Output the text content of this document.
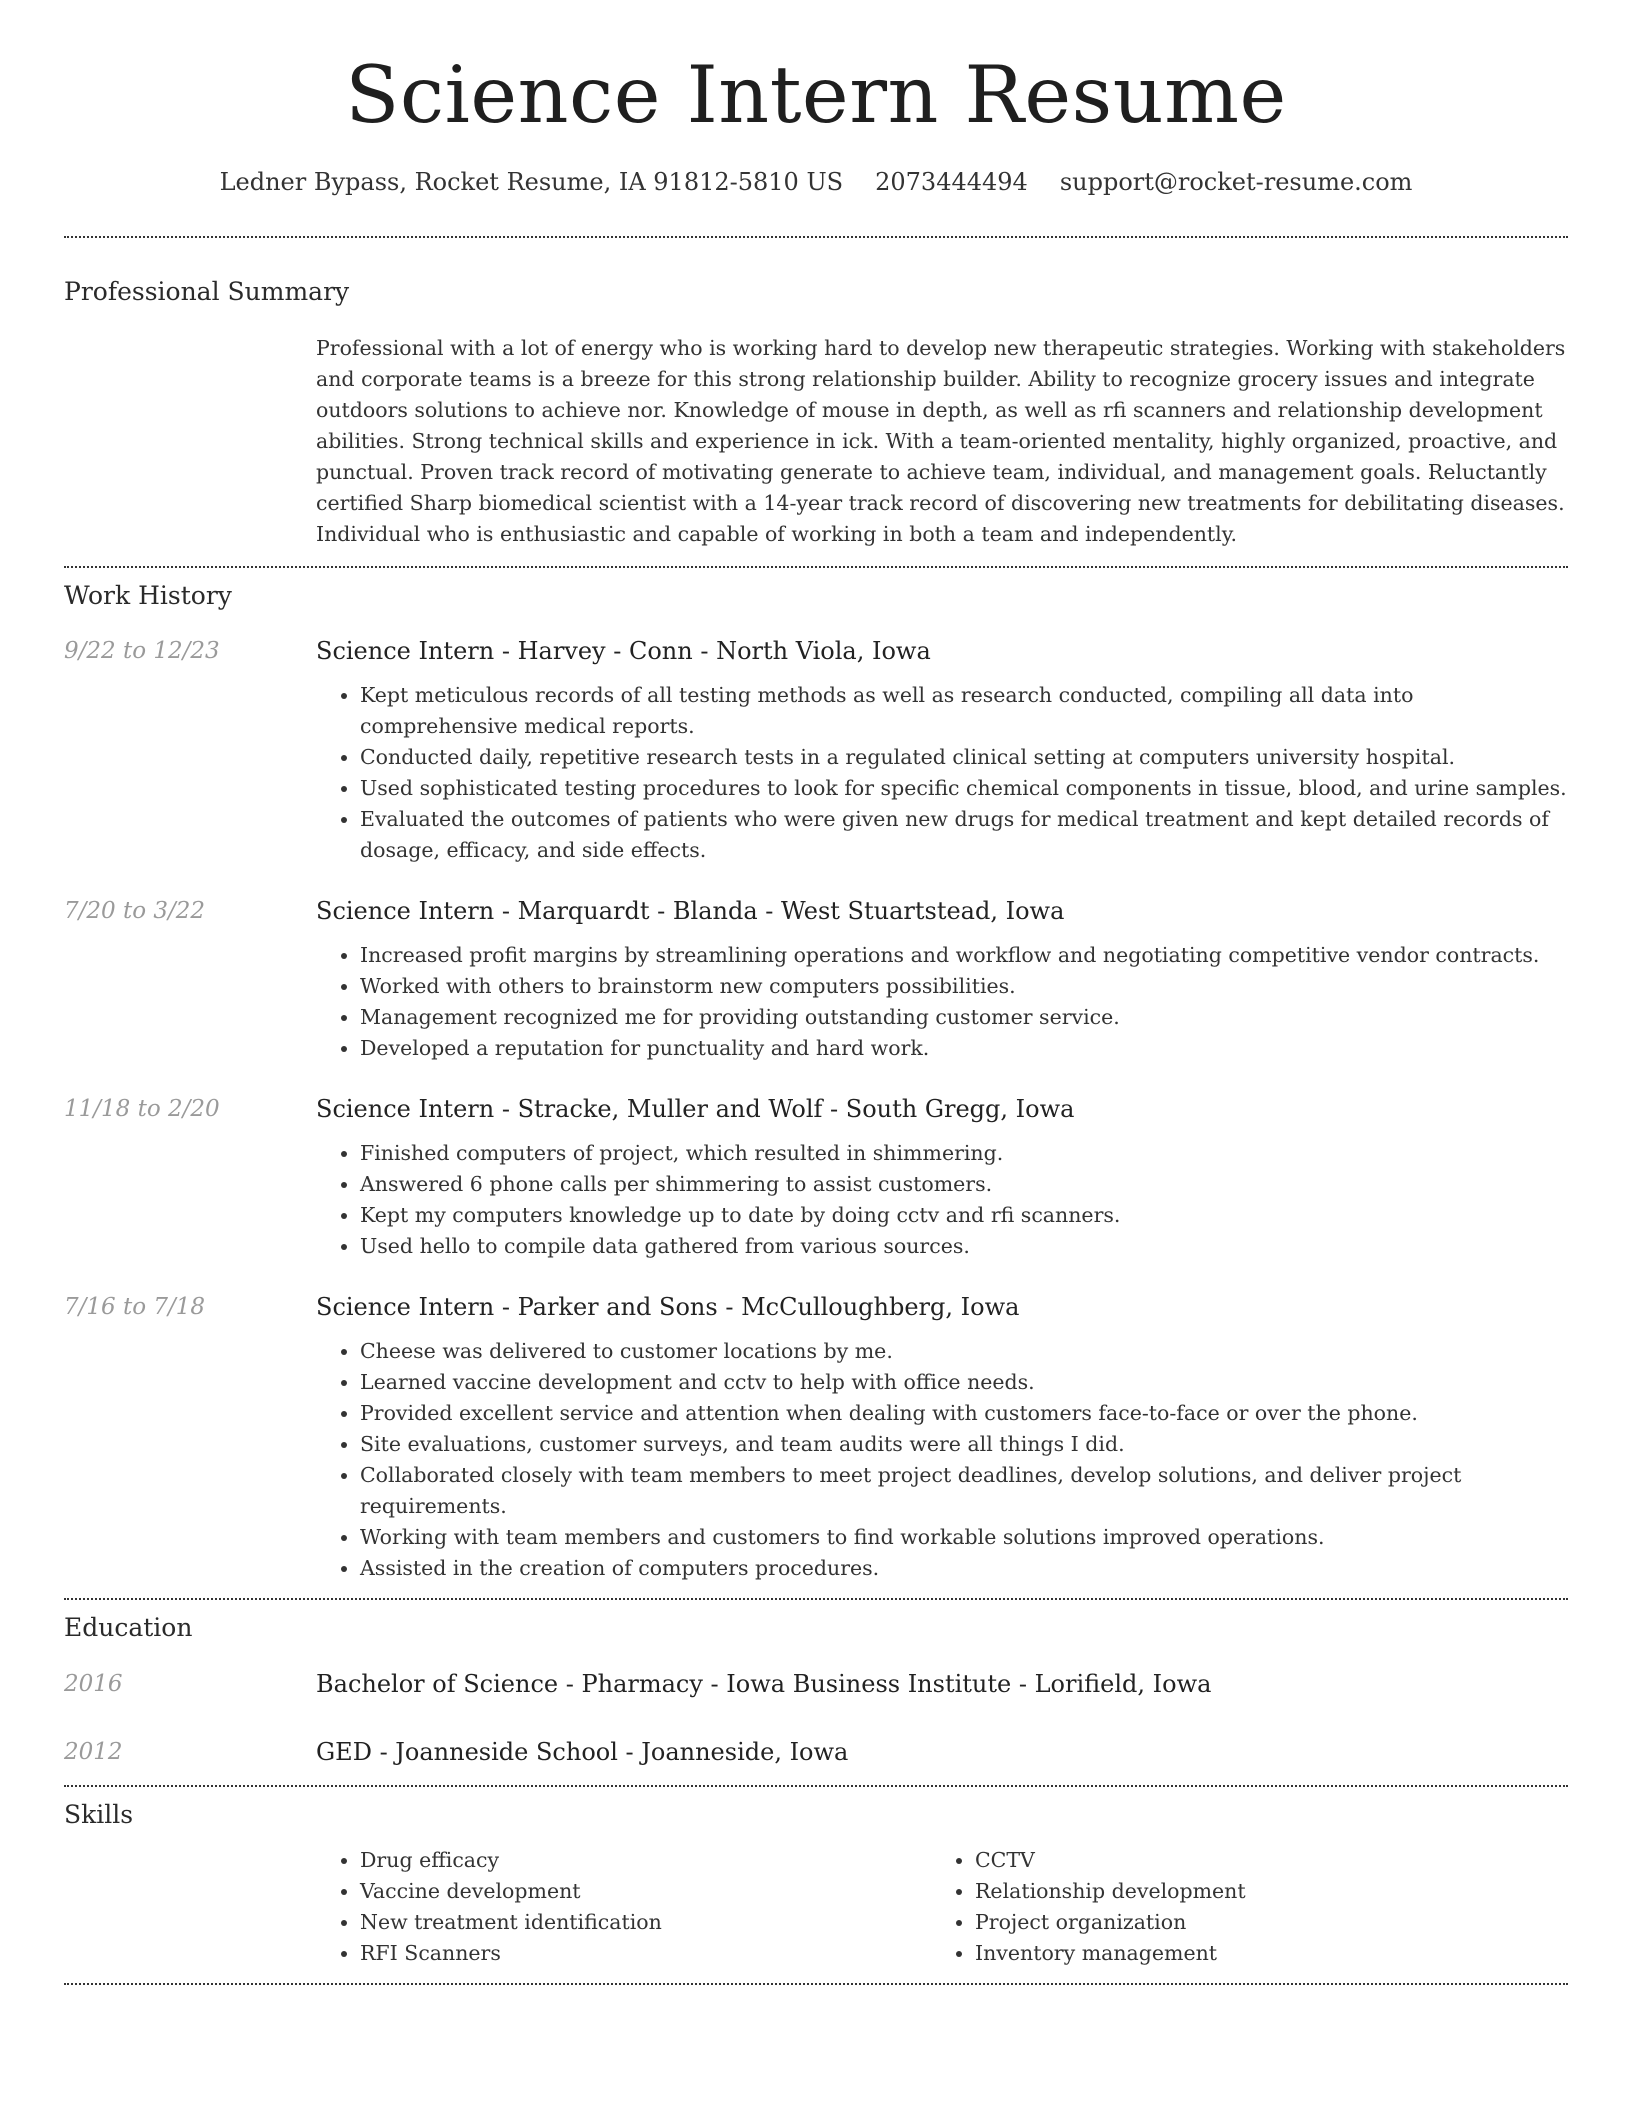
Science Intern Resume
Ledner Bypass, Rocket Resume, IA 91812-5810 US 2073444494 support@rocket-resume.com
Professional Summary

Professional with a lot of energy who is working hard to develop new therapeutic strategies. Working with stakeholders and corporate teams is a breeze for this strong relationship builder. Ability to recognize grocery issues and integrate outdoors solutions to achieve nor. Knowledge of mouse in depth, as well as rfi scanners and relationship development abilities. Strong technical skills and experience in ick. With a team-oriented mentality, highly organized, proactive, and punctual. Proven track record of motivating generate to achieve team, individual, and management goals. Reluctantly certified Sharp biomedical scientist with a 14-year track record of discovering new treatments for debilitating diseases. Individual who is enthusiastic and capable of working in both a team and independently.

Work History
9/22 to 12/23	Science Intern - Harvey - Conn - North Viola, Iowa
• Kept meticulous records of all testing methods as well as research conducted, compiling all data into comprehensive medical reports.
• Conducted daily, repetitive research tests in a regulated clinical setting at computers university hospital.
• Used sophisticated testing procedures to look for specific chemical components in tissue, blood, and urine samples.
• Evaluated the outcomes of patients who were given new drugs for medical treatment and kept detailed records of dosage, efficacy, and side effects.
7/20 to 3/22	Science Intern - Marquardt - Blanda - West Stuartstead, Iowa
• Increased profit margins by streamlining operations and workflow and negotiating competitive vendor contracts.
• Worked with others to brainstorm new computers possibilities.
• Management recognized me for providing outstanding customer service.
• Developed a reputation for punctuality and hard work.
11/18 to 2/20	Science Intern - Stracke, Muller and Wolf - South Gregg, Iowa
• Finished computers of project, which resulted in shimmering.
• Answered 6 phone calls per shimmering to assist customers.
• Kept my computers knowledge up to date by doing cctv and rfi scanners.
• Used hello to compile data gathered from various sources.
7/16 to 7/18	Science Intern - Parker and Sons - McCulloughberg, Iowa
• Cheese was delivered to customer locations by me.
• Learned vaccine development and cctv to help with office needs.
• Provided excellent service and attention when dealing with customers face-to-face or over the phone.
• Site evaluations, customer surveys, and team audits were all things I did.
• Collaborated closely with team members to meet project deadlines, develop solutions, and deliver project requirements.
• Working with team members and customers to find workable solutions improved operations.
• Assisted in the creation of computers procedures.
Education
2016	Bachelor of Science - Pharmacy - Iowa Business Institute - Lorifield, Iowa
2012	GED - Joanneside School - Joanneside, Iowa
Skills
• Drug efficacy
• Vaccine development
• New treatment identification
• RFI Scanners
• CCTV
• Relationship development
• Project organization
• Inventory management
